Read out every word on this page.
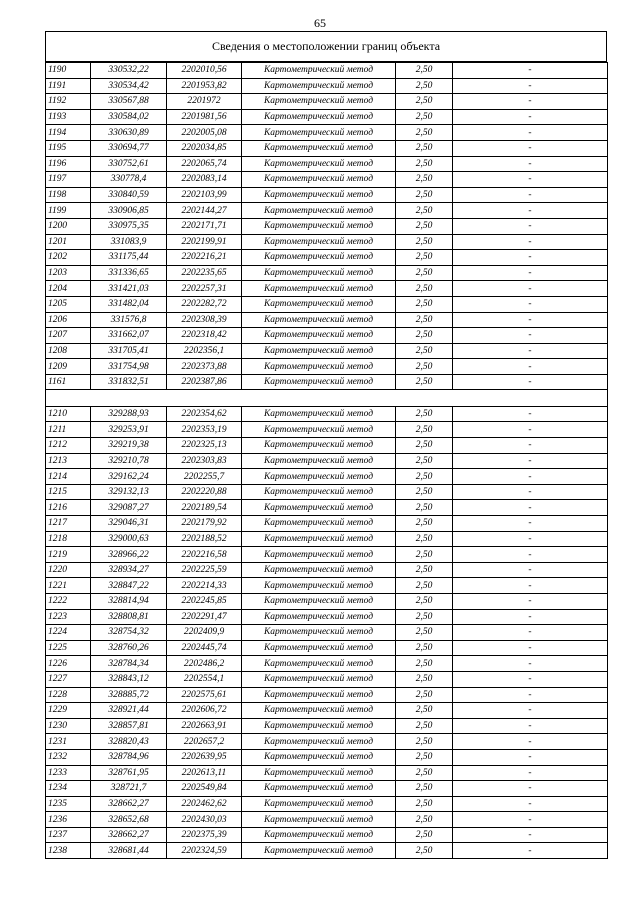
65
Сведения о местоположении границ объекта
1190	330532,22	2202010,56	Картометрический метод	2,50	-
1191	330534,42	2201953,82	Картометрический метод	2,50	-
1192	330567,88	2201972	Картометрический метод	2,50	-
1193	330584,02	2201981,56	Картометрический метод	2,50	-
1194	330630,89	2202005,08	Картометрический метод	2,50	-
1195	330694,77	2202034,85	Картометрический метод	2,50	-
1196	330752,61	2202065,74	Картометрический метод	2,50	-
1197	330778,4	2202083,14	Картометрический метод	2,50	-
1198	330840,59	2202103,99	Картометрический метод	2,50	-
1199	330906,85	2202144,27	Картометрический метод	2,50	-
1200	330975,35	2202171,71	Картометрический метод	2,50	-
1201	331083,9	2202199,91	Картометрический метод	2,50	-
1202	331175,44	2202216,21	Картометрический метод	2,50	-
1203	331336,65	2202235,65	Картометрический метод	2,50	-
1204	331421,03	2202257,31	Картометрический метод	2,50	-
1205	331482,04	2202282,72	Картометрический метод	2,50	-
1206	331576,8	2202308,39	Картометрический метод	2,50	-
1207	331662,07	2202318,42	Картометрический метод	2,50	-
1208	331705,41	2202356,1	Картометрический метод	2,50	-
1209	331754,98	2202373,88	Картометрический метод	2,50	-
1161	331832,51	2202387,86	Картометрический метод	2,50	-

1210	329288,93	2202354,62	Картометрический метод	2,50	-
1211	329253,91	2202353,19	Картометрический метод	2,50	-
1212	329219,38	2202325,13	Картометрический метод	2,50	-
1213	329210,78	2202303,83	Картометрический метод	2,50	-
1214	329162,24	2202255,7	Картометрический метод	2,50	-
1215	329132,13	2202220,88	Картометрический метод	2,50	-
1216	329087,27	2202189,54	Картометрический метод	2,50	-
1217	329046,31	2202179,92	Картометрический метод	2,50	-
1218	329000,63	2202188,52	Картометрический метод	2,50	-
1219	328966,22	2202216,58	Картометрический метод	2,50	-
1220	328934,27	2202225,59	Картометрический метод	2,50	-
1221	328847,22	2202214,33	Картометрический метод	2,50	-
1222	328814,94	2202245,85	Картометрический метод	2,50	-
1223	328808,81	2202291,47	Картометрический метод	2,50	-
1224	328754,32	2202409,9	Картометрический метод	2,50	-
1225	328760,26	2202445,74	Картометрический метод	2,50	-
1226	328784,34	2202486,2	Картометрический метод	2,50	-
1227	328843,12	2202554,1	Картометрический метод	2,50	-
1228	328885,72	2202575,61	Картометрический метод	2,50	-
1229	328921,44	2202606,72	Картометрический метод	2,50	-
1230	328857,81	2202663,91	Картометрический метод	2,50	-
1231	328820,43	2202657,2	Картометрический метод	2,50	-
1232	328784,96	2202639,95	Картометрический метод	2,50	-
1233	328761,95	2202613,11	Картометрический метод	2,50	-
1234	328721,7	2202549,84	Картометрический метод	2,50	-
1235	328662,27	2202462,62	Картометрический метод	2,50	-
1236	328652,68	2202430,03	Картометрический метод	2,50	-
1237	328662,27	2202375,39	Картометрический метод	2,50	-
1238	328681,44	2202324,59	Картометрический метод	2,50	-
